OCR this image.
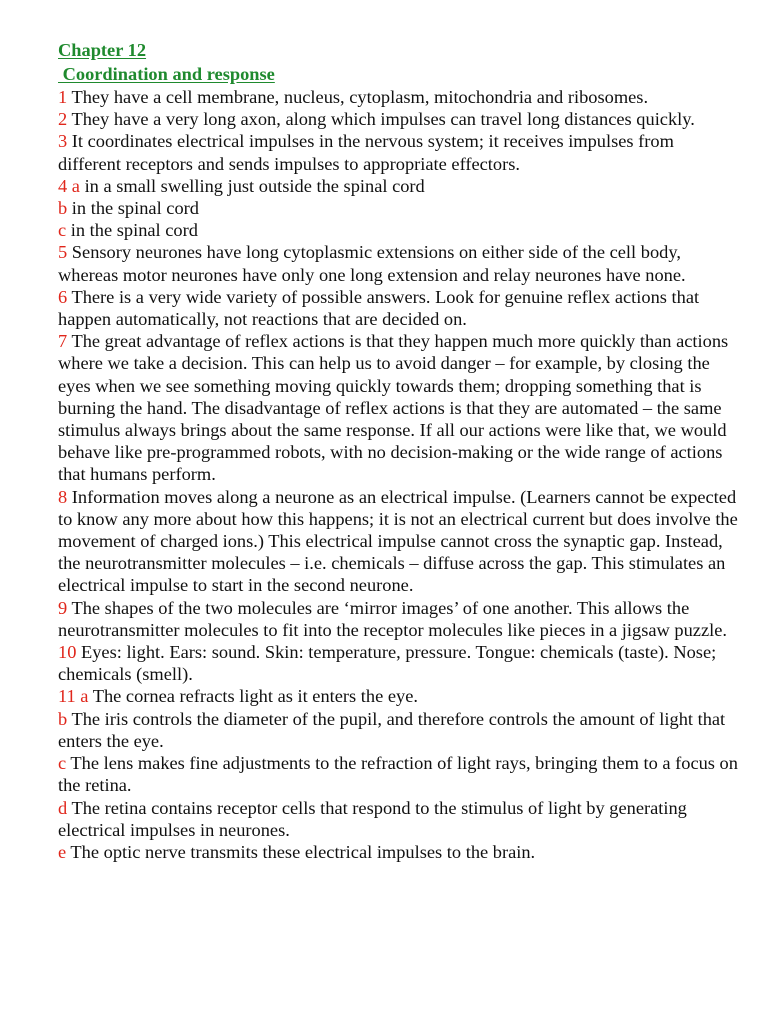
Chapter 12
Coordination and response

1 They have a cell membrane, nucleus, cytoplasm, mitochondria and ribosomes.

2 They have a very long axon, along which impulses can travel long distances quickly.

3 It coordinates electrical impulses in the nervous system; it receives impulses from different receptors and sends impulses to appropriate effectors.

4 a in a small swelling just outside the spinal cord

b in the spinal cord

c in the spinal cord

5 Sensory neurones have long cytoplasmic extensions on either side of the cell body, whereas motor neurones have only one long extension and relay neurones have none.

6 There is a very wide variety of possible answers. Look for genuine reflex actions that happen automatically, not reactions that are decided on.

7 The great advantage of reflex actions is that they happen much more quickly than actions where we take a decision. This can help us to avoid danger – for example, by closing the eyes when we see something moving quickly towards them; dropping something that is burning the hand. The disadvantage of reflex actions is that they are automated – the same stimulus always brings about the same response. If all our actions were like that, we would behave like pre-programmed robots, with no decision-making or the wide range of actions that humans perform.

8 Information moves along a neurone as an electrical impulse. (Learners cannot be expected to know any more about how this happens; it is not an electrical current but does involve the movement of charged ions.) This electrical impulse cannot cross the synaptic gap. Instead, the neurotransmitter molecules – i.e. chemicals – diffuse across the gap. This stimulates an electrical impulse to start in the second neurone.

9 The shapes of the two molecules are ‘mirror images’ of one another. This allows the neurotransmitter molecules to fit into the receptor molecules like pieces in a jigsaw puzzle.

10 Eyes: light. Ears: sound. Skin: temperature, pressure. Tongue: chemicals (taste). Nose; chemicals (smell).

11 a The cornea refracts light as it enters the eye.

b The iris controls the diameter of the pupil, and therefore controls the amount of light that enters the eye.

c The lens makes fine adjustments to the refraction of light rays, bringing them to a focus on the retina.

d The retina contains receptor cells that respond to the stimulus of light by generating electrical impulses in neurones.

e The optic nerve transmits these electrical impulses to the brain.
